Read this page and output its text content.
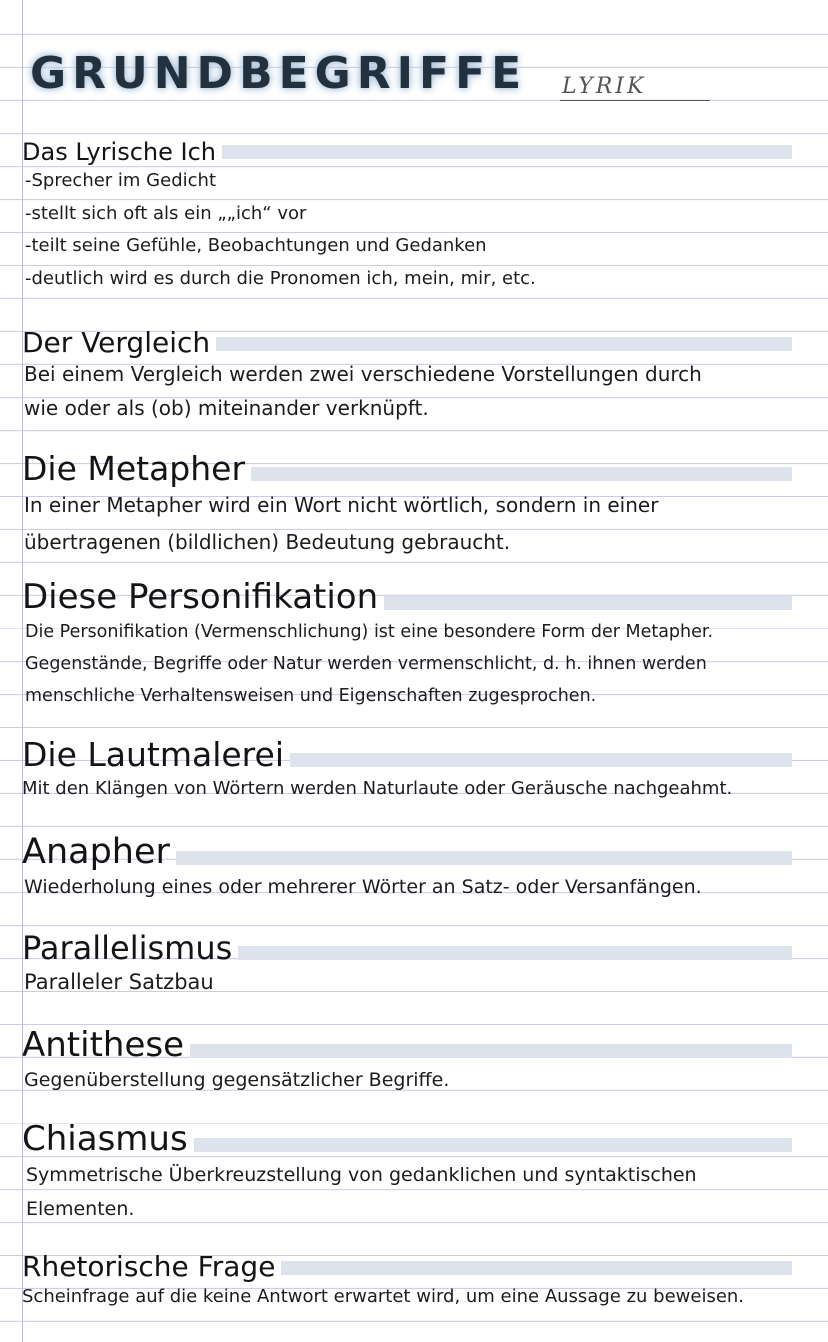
GRUNDBEGRIFFE LYRIK
Das Lyrische Ich
-Sprecher im Gedicht
-stellt sich oft als ein „„ich“ vor
-teilt seine Gefühle, Beobachtungen und Gedanken
-deutlich wird es durch die Pronomen ich, mein, mir, etc.
Der Vergleich
Bei einem Vergleich werden zwei verschiedene Vorstellungen durch
wie oder als (ob) miteinander verknüpft.
Die Metapher
In einer Metapher wird ein Wort nicht wörtlich, sondern in einer
übertragenen (bildlichen) Bedeutung gebraucht.
Diese Personifikation
Die Personifikation (Vermenschlichung) ist eine besondere Form der Metapher.
Gegenstände, Begriffe oder Natur werden vermenschlicht, d. h. ihnen werden
menschliche Verhaltensweisen und Eigenschaften zugesprochen.
Die Lautmalerei
Mit den Klängen von Wörtern werden Naturlaute oder Geräusche nachgeahmt.
Anapher
Wiederholung eines oder mehrerer Wörter an Satz- oder Versanfängen.
Parallelismus
Paralleler Satzbau
Antithese
Gegenüberstellung gegensätzlicher Begriffe.
Chiasmus
Symmetrische Überkreuzstellung von gedanklichen und syntaktischen
Elementen.
Rhetorische Frage
Scheinfrage auf die keine Antwort erwartet wird, um eine Aussage zu beweisen.
